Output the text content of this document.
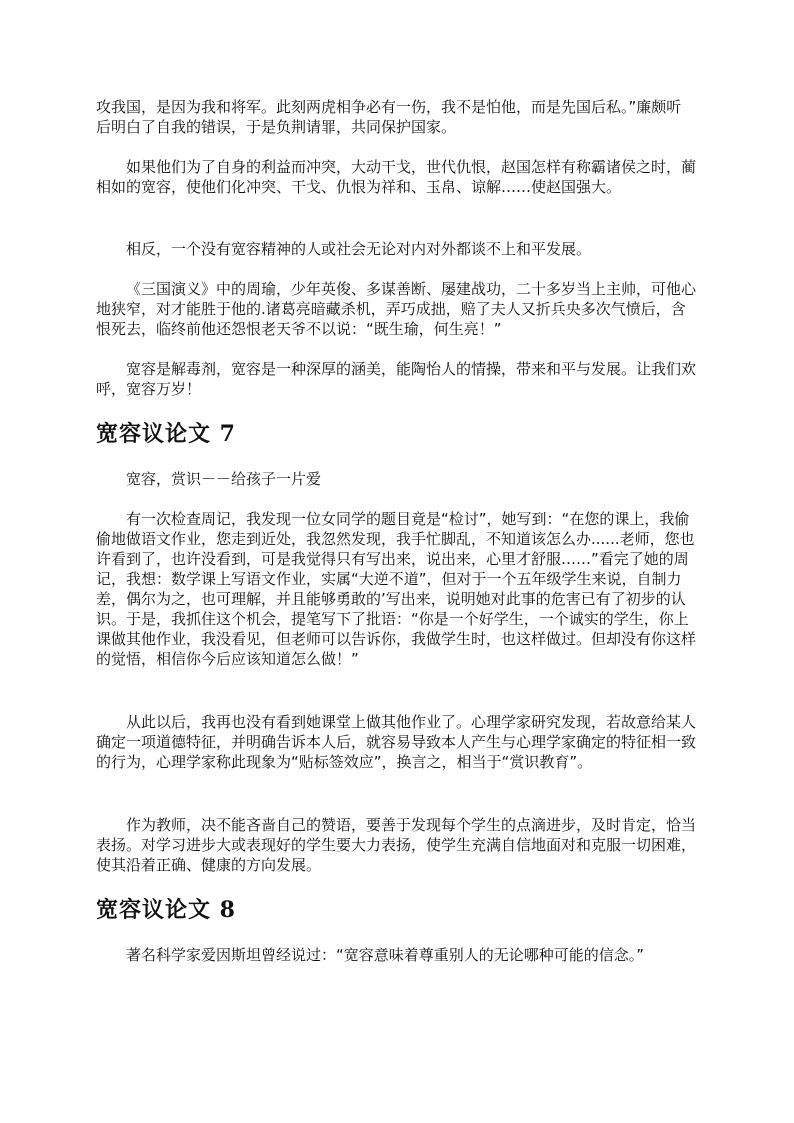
攻我国，是因为我和将军。此刻两虎相争必有一伤，我不是怕他，而是先国后私。”廉颇听后明白了自我的错误，于是负荆请罪，共同保护国家。

如果他们为了自身的利益而冲突，大动干戈，世代仇恨，赵国怎样有称霸诸侯之时，蔺相如的宽容，使他们化冲突、干戈、仇恨为祥和、玉帛、谅解……使赵国强大。

相反，一个没有宽容精神的人或社会无论对内对外都谈不上和平发展。

《三国演义》中的周瑜，少年英俊、多谋善断、屡建战功，二十多岁当上主帅，可他心地狭窄，对才能胜于他的.诸葛亮暗藏杀机，弄巧成拙，赔了夫人又折兵央多次气愤后，含恨死去，临终前他还怨恨老天爷不以说：“既生瑜，何生亮！”

宽容是解毒剂，宽容是一种深厚的涵美，能陶怡人的情操，带来和平与发展。让我们欢呼，宽容万岁！

宽容议论文 7

宽容，赏识－－给孩子一片爱

有一次检查周记，我发现一位女同学的题目竟是“检讨”，她写到：“在您的课上，我偷偷地做语文作业，您走到近处，我忽然发现，我手忙脚乱，不知道该怎么办......老师，您也许看到了，也许没看到，可是我觉得只有写出来，说出来，心里才舒服……”看完了她的周记，我想：数学课上写语文作业，实属“大逆不道”，但对于一个五年级学生来说，自制力差，偶尔为之，也可理解，并且能够勇敢的’写出来，说明她对此事的危害已有了初步的认识。于是，我抓住这个机会，提笔写下了批语：“你是一个好学生，一个诚实的学生，你上课做其他作业，我没看见，但老师可以告诉你，我做学生时，也这样做过。但却没有你这样的觉悟，相信你今后应该知道怎么做！”

从此以后，我再也没有看到她课堂上做其他作业了。心理学家研究发现，若故意给某人确定一项道德特征，并明确告诉本人后，就容易导致本人产生与心理学家确定的特征相一致的行为，心理学家称此现象为“贴标签效应”，换言之，相当于“赏识教育”。

作为教师，决不能吝啬自己的赞语，要善于发现每个学生的点滴进步，及时肯定，恰当表扬。对学习进步大或表现好的学生要大力表扬，使学生充满自信地面对和克服一切困难，使其沿着正确、健康的方向发展。

宽容议论文 8

著名科学家爱因斯坦曾经说过：“宽容意味着尊重别人的无论哪种可能的信念。”
